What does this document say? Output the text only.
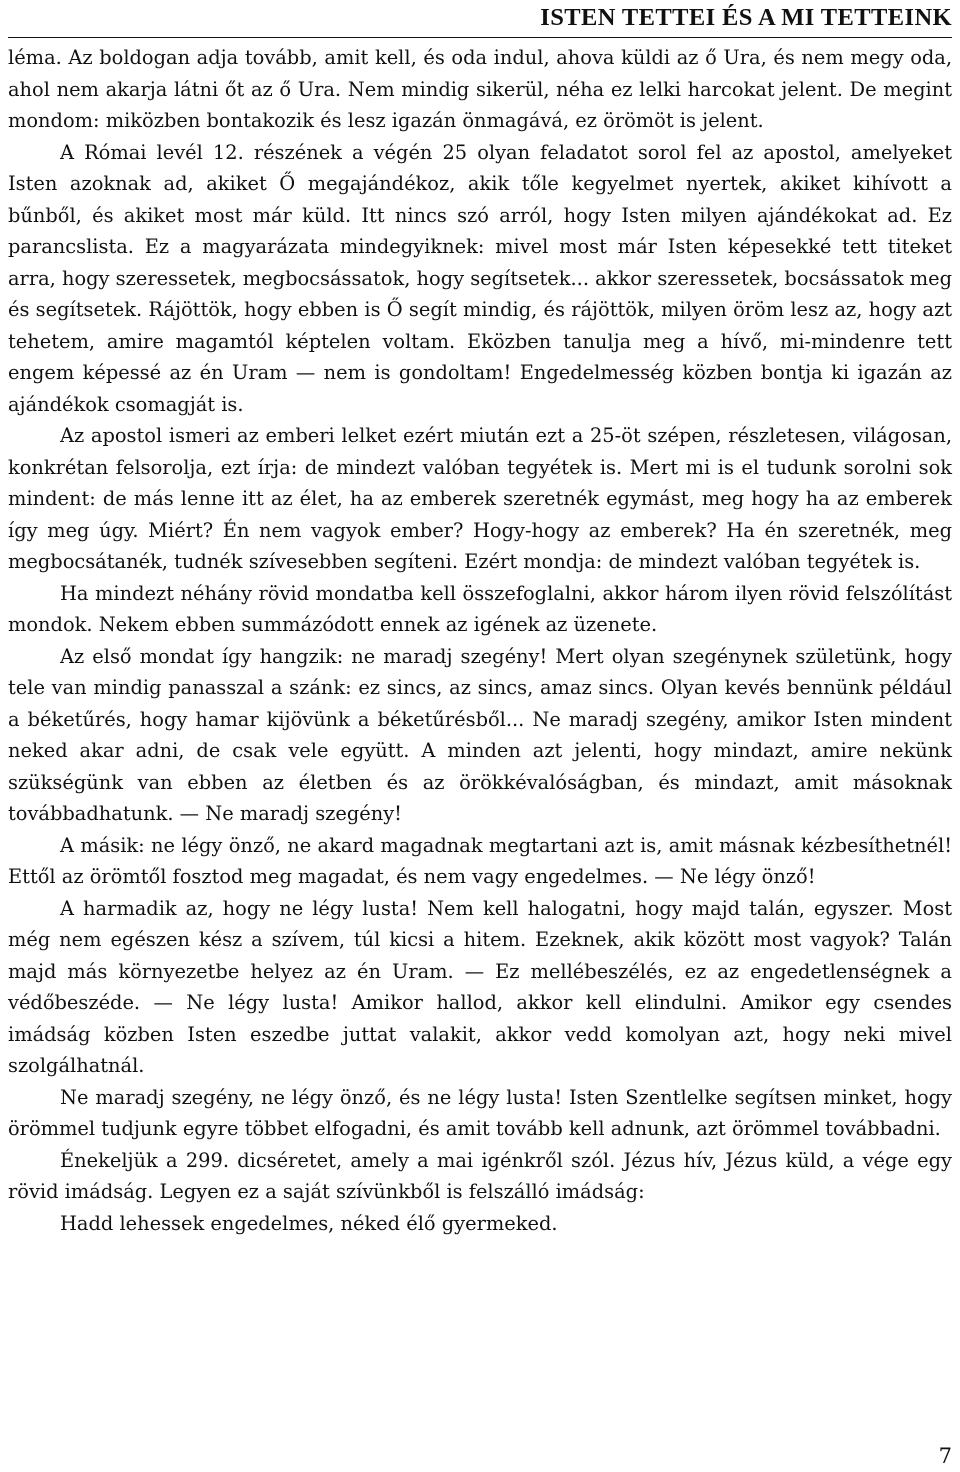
ISTEN TETTEI ÉS A MI TETTEINK

léma. Az boldogan adja tovább, amit kell, és oda indul, ahova küldi az ő Ura, és nem megy oda, ahol nem akarja látni őt az ő Ura. Nem mindig sikerül, néha ez lelki harcokat jelent. De megint mondom: miközben bontakozik és lesz igazán önmagává, ez örömöt is jelent.

A Római levél 12. részének a végén 25 olyan feladatot sorol fel az apostol, amelyeket Isten azoknak ad, akiket Ő megajándékoz, akik tőle kegyelmet nyertek, akiket kihívott a bűnből, és akiket most már küld. Itt nincs szó arról, hogy Isten milyen ajándékokat ad. Ez parancslista. Ez a magyarázata mindegyiknek: mivel most már Isten képesekké tett titeket arra, hogy szeressetek, megbocsássatok, hogy segítsetek... akkor szeressetek, bocsássatok meg és segítsetek. Rájöttök, hogy ebben is Ő segít mindig, és rájöttök, milyen öröm lesz az, hogy azt tehetem, amire magamtól képtelen voltam. Eközben tanulja meg a hívő, mi-mindenre tett engem képessé az én Uram — nem is gondoltam! Engedelmesség közben bontja ki igazán az ajándékok csomagját is.

Az apostol ismeri az emberi lelket ezért miután ezt a 25-öt szépen, részletesen, világosan, konkrétan felsorolja, ezt írja: de mindezt valóban tegyétek is. Mert mi is el tudunk sorolni sok mindent: de más lenne itt az élet, ha az emberek szeretnék egymást, meg hogy ha az emberek így meg úgy. Miért? Én nem vagyok ember? Hogy-hogy az emberek? Ha én szeretnék, meg megbocsátanék, tudnék szívesebben segíteni. Ezért mondja: de mindezt valóban tegyétek is.

Ha mindezt néhány rövid mondatba kell összefoglalni, akkor három ilyen rövid felszólítást mondok. Nekem ebben summázódott ennek az igének az üzenete.

Az első mondat így hangzik: ne maradj szegény! Mert olyan szegénynek születünk, hogy tele van mindig panasszal a szánk: ez sincs, az sincs, amaz sincs. Olyan kevés bennünk például a béketűrés, hogy hamar kijövünk a béketűrésből... Ne maradj szegény, amikor Isten mindent neked akar adni, de csak vele együtt. A minden azt jelenti, hogy mindazt, amire nekünk szükségünk van ebben az életben és az örökkévalóságban, és mindazt, amit másoknak továbbadhatunk. — Ne maradj szegény!

A másik: ne légy önző, ne akard magadnak megtartani azt is, amit másnak kézbesíthetnél! Ettől az örömtől fosztod meg magadat, és nem vagy engedelmes. — Ne légy önző!

A harmadik az, hogy ne légy lusta! Nem kell halogatni, hogy majd talán, egyszer. Most még nem egészen kész a szívem, túl kicsi a hitem. Ezeknek, akik között most vagyok? Talán majd más környezetbe helyez az én Uram. — Ez mellébeszélés, ez az engedetlenségnek a védőbeszéde. — Ne légy lusta! Amikor hallod, akkor kell elindulni. Amikor egy csendes imádság közben Isten eszedbe juttat valakit, akkor vedd komolyan azt, hogy neki mivel szolgálhatnál.

Ne maradj szegény, ne légy önző, és ne légy lusta! Isten Szentlelke segítsen minket, hogy örömmel tudjunk egyre többet elfogadni, és amit tovább kell adnunk, azt örömmel továbbadni.

Énekeljük a 299. dicséretet, amely a mai igénkről szól. Jézus hív, Jézus küld, a vége egy rövid imádság. Legyen ez a saját szívünkből is felszálló imádság:

Hadd lehessek engedelmes, néked élő gyermeked.

7
